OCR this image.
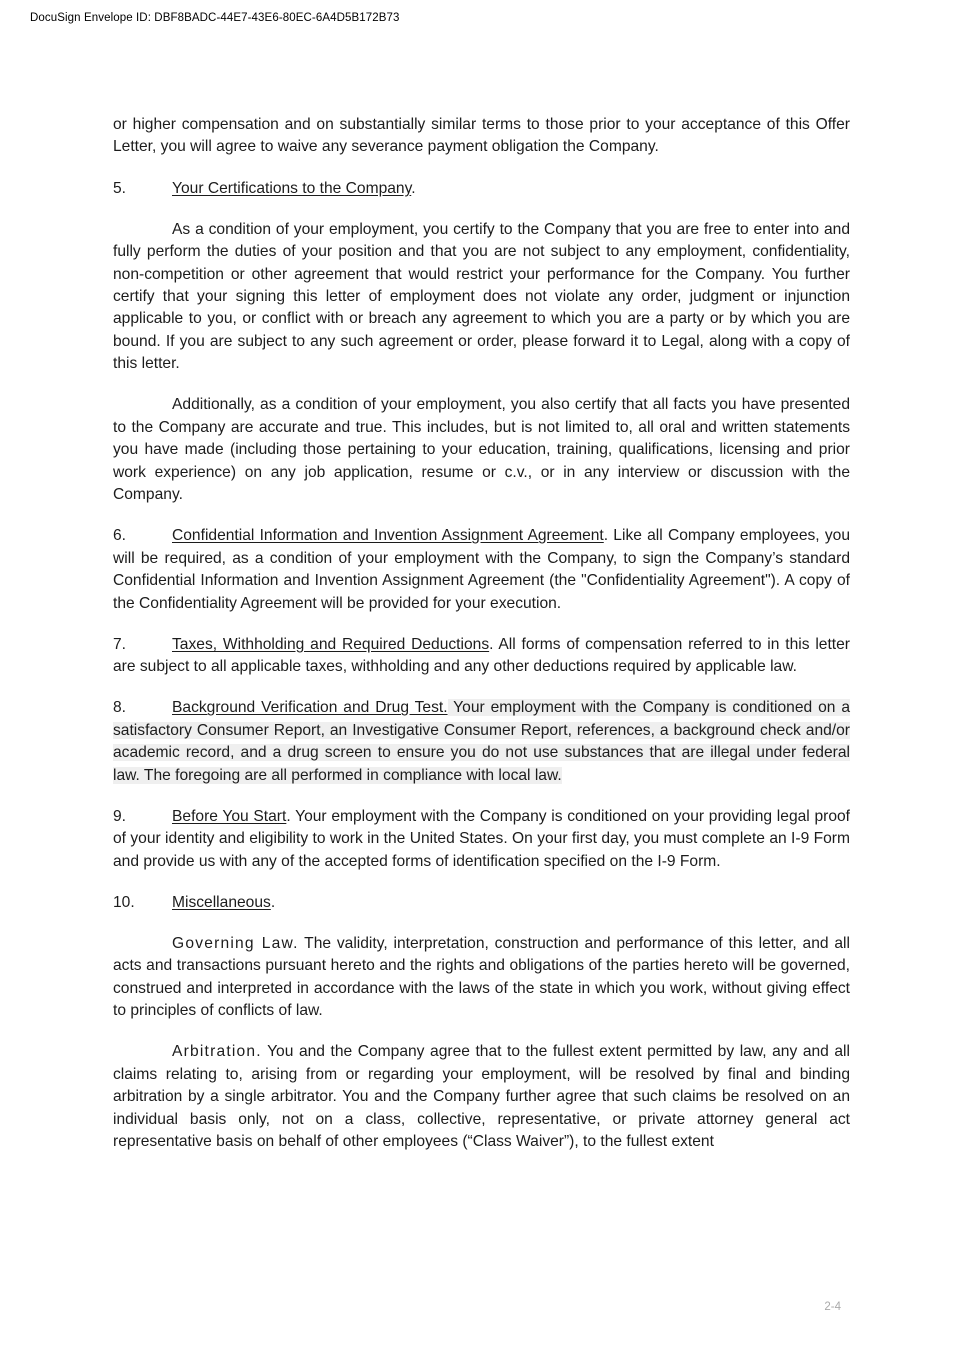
DocuSign Envelope ID: DBF8BADC-44E7-43E6-80EC-6A4D5B172B73

or higher compensation and on substantially similar terms to those prior to your acceptance of this Offer Letter, you will agree to waive any severance payment obligation the Company.

5.	Your Certifications to the Company.

As a condition of your employment, you certify to the Company that you are free to enter into and fully perform the duties of your position and that you are not subject to any employment, confidentiality, non-competition or other agreement that would restrict your performance for the Company. You further certify that your signing this letter of employment does not violate any order, judgment or injunction applicable to you, or conflict with or breach any agreement to which you are a party or by which you are bound. If you are subject to any such agreement or order, please forward it to Legal, along with a copy of this letter.

Additionally, as a condition of your employment, you also certify that all facts you have presented to the Company are accurate and true. This includes, but is not limited to, all oral and written statements you have made (including those pertaining to your education, training, qualifications, licensing and prior work experience) on any job application, resume or c.v., or in any interview or discussion with the Company.

6.	Confidential Information and Invention Assignment Agreement. Like all Company employees, you will be required, as a condition of your employment with the Company, to sign the Company’s standard Confidential Information and Invention Assignment Agreement (the "Confidentiality Agreement"). A copy of the Confidentiality Agreement will be provided for your execution.

7.	Taxes, Withholding and Required Deductions. All forms of compensation referred to in this letter are subject to all applicable taxes, withholding and any other deductions required by applicable law.

8.	Background Verification and Drug Test. Your employment with the Company is conditioned on a satisfactory Consumer Report, an Investigative Consumer Report, references, a background check and/or academic record, and a drug screen to ensure you do not use substances that are illegal under federal law. The foregoing are all performed in compliance with local law.

9.	Before You Start. Your employment with the Company is conditioned on your providing legal proof of your identity and eligibility to work in the United States. On your first day, you must complete an I-9 Form and provide us with any of the accepted forms of identification specified on the I-9 Form.

10. Miscellaneous.

Governing Law. The validity, interpretation, construction and performance of this letter, and all acts and transactions pursuant hereto and the rights and obligations of the parties hereto will be governed, construed and interpreted in accordance with the laws of the state in which you work, without giving effect to principles of conflicts of law.

Arbitration. You and the Company agree that to the fullest extent permitted by law, any and all claims relating to, arising from or regarding your employment, will be resolved by final and binding arbitration by a single arbitrator. You and the Company further agree that such claims be resolved on an individual basis only, not on a class, collective, representative, or private attorney general act representative basis on behalf of other employees (“Class Waiver”), to the fullest extent

2-4
